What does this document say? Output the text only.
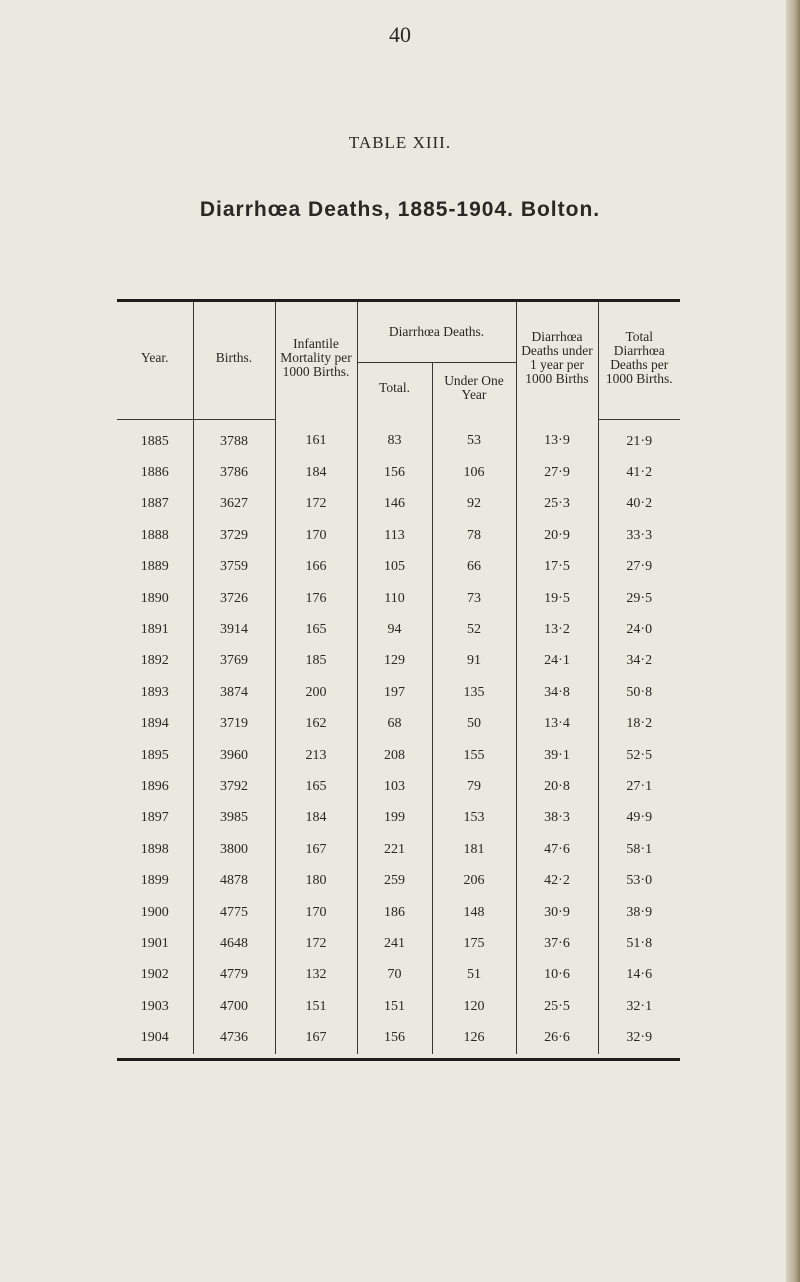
40
TABLE XIII.
Diarrhœa Deaths, 1885-1904. Bolton.
Year.	Births.	Infantile Mortality per 1000 Births.	Diarrhœa Deaths.		Diarrhœa Deaths under 1 year per 1000 Births	Total Diarrhœa Deaths per 1000 Births.
			Total.	Under One Year		

1885	3788	161	83	53	13·9	21·9
1886	3786	184	156	106	27·9	41·2
1887	3627	172	146	92	25·3	40·2
1888	3729	170	113	78	20·9	33·3
1889	3759	166	105	66	17·5	27·9
1890	3726	176	110	73	19·5	29·5
1891	3914	165	94	52	13·2	24·0
1892	3769	185	129	91	24·1	34·2
1893	3874	200	197	135	34·8	50·8
1894	3719	162	68	50	13·4	18·2
1895	3960	213	208	155	39·1	52·5
1896	3792	165	103	79	20·8	27·1
1897	3985	184	199	153	38·3	49·9
1898	3800	167	221	181	47·6	58·1
1899	4878	180	259	206	42·2	53·0
1900	4775	170	186	148	30·9	38·9
1901	4648	172	241	175	37·6	51·8
1902	4779	132	70	51	10·6	14·6
1903	4700	151	151	120	25·5	32·1
1904	4736	167	156	126	26·6	32·9
